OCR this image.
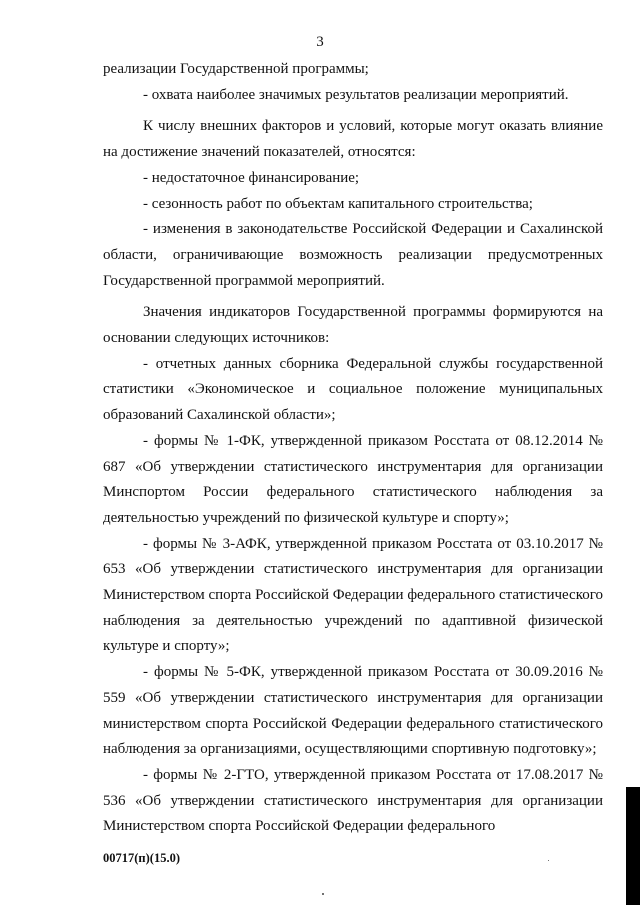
3

реализации Государственной программы;

- охвата наиболее значимых результатов реализации мероприятий.

К числу внешних факторов и условий, которые могут оказать влияние на достижение значений показателей, относятся:

- недостаточное финансирование;

- сезонность работ по объектам капитального строительства;

- изменения в законодательстве Российской Федерации и Сахалинской области, ограничивающие возможность реализации предусмотренных Государственной программой мероприятий.

Значения индикаторов Государственной программы формируются на основании следующих источников:

- отчетных данных сборника Федеральной службы государственной статистики «Экономическое и социальное положение муниципальных образований Сахалинской области»;

- формы № 1-ФК, утвержденной приказом Росстата от 08.12.2014 № 687 «Об утверждении статистического инструментария для организации Минспортом России федерального статистического наблюдения за деятельностью учреждений по физической культуре и спорту»;

- формы № 3-АФК, утвержденной приказом Росстата от 03.10.2017 № 653 «Об утверждении статистического инструментария для организации Министерством спорта Российской Федерации федерального статистического наблюдения за деятельностью учреждений по адаптивной физической культуре и спорту»;

- формы № 5-ФК, утвержденной приказом Росстата от 30.09.2016 № 559 «Об утверждении статистического инструментария для организации министерством спорта Российской Федерации федерального статистического наблюдения за организациями, осуществляющими спортивную подготовку»;

- формы № 2-ГТО, утвержденной приказом Росстата от 17.08.2017 № 536 «Об утверждении статистического инструментария для организации Министерством спорта Российской Федерации федерального

00717(п)(15.0)
